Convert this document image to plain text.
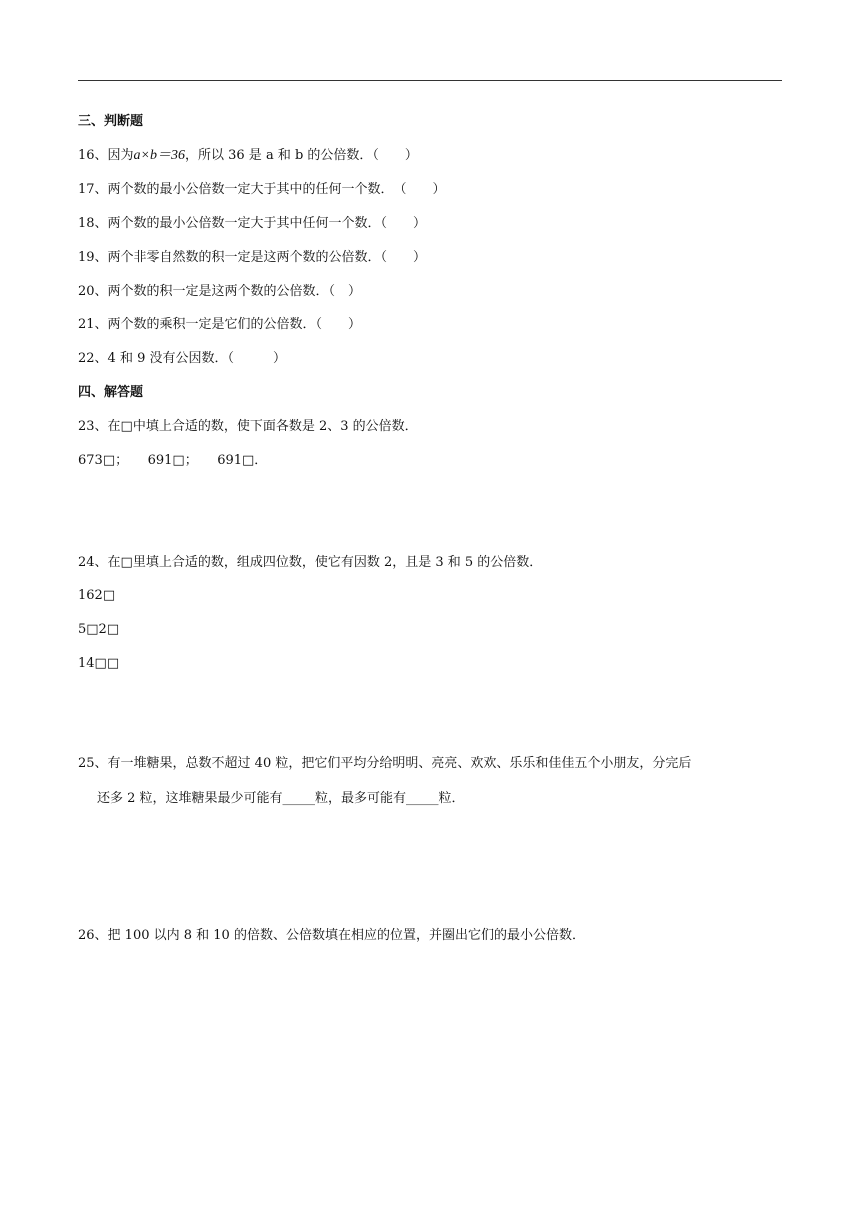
三、判断题
16、因为a×b＝36，所以 36 是 a 和 b 的公倍数．（　　）
17、两个数的最小公倍数一定大于其中的任何一个数．　（　　）
18、两个数的最小公倍数一定大于其中任何一个数．（　　）
19、两个非零自然数的积一定是这两个数的公倍数．（　　）
20、两个数的积一定是这两个数的公倍数．（　）
21、两个数的乘积一定是它们的公倍数．（　　）
22、4 和 9 没有公因数．（　　　）
四、解答题
23、在□中填上合适的数，使下面各数是 2、3 的公倍数．
673□；　　691□；　　691□．
24、在□里填上合适的数，组成四位数，使它有因数 2，且是 3 和 5 的公倍数．
162□
5□2□
14□□
25、有一堆糖果，总数不超过 40 粒，把它们平均分给明明、亮亮、欢欢、乐乐和佳佳五个小朋友，分完后
还多 2 粒，这堆糖果最少可能有_____粒，最多可能有_____粒．
26、把 100 以内 8 和 10 的倍数、公倍数填在相应的位置，并圈出它们的最小公倍数．
